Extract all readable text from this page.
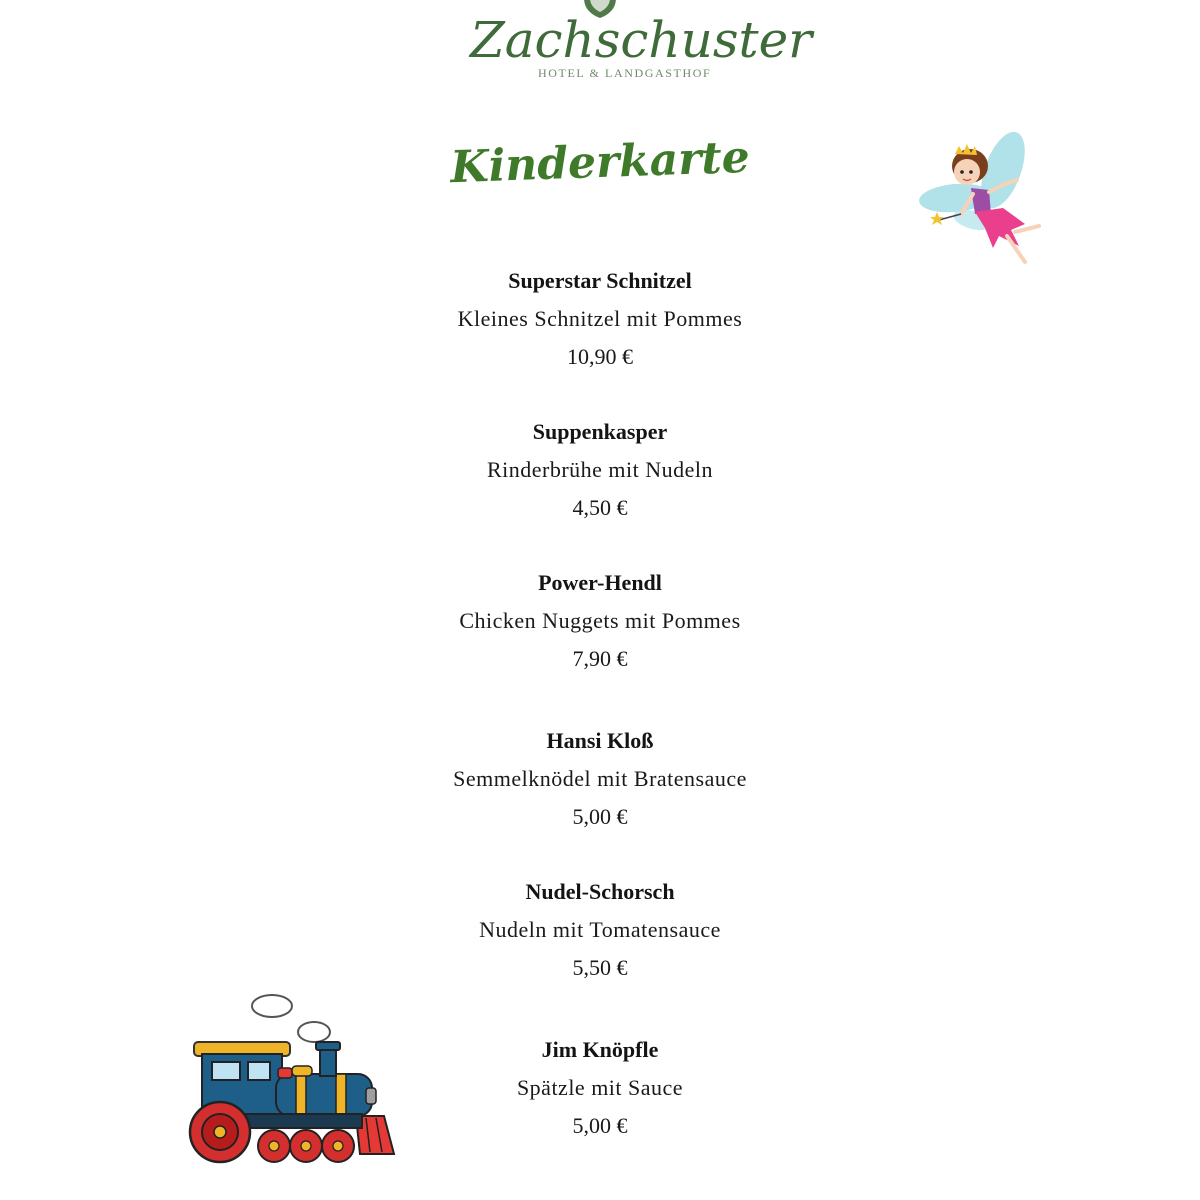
Zachschuster
HOTEL & LANDGASTHOF
Kinderkarte
Superstar Schnitzel
Kleines Schnitzel mit Pommes
10,90 €
Suppenkasper
Rinderbrühe mit Nudeln
4,50 €
Power-Hendl
Chicken Nuggets mit Pommes
7,90 €
Hansi Kloß
Semmelknödel mit Bratensauce
5,00 €
Nudel-Schorsch
Nudeln mit Tomatensauce
5,50 €
Jim Knöpfle
Spätzle mit Sauce
5,00 €
